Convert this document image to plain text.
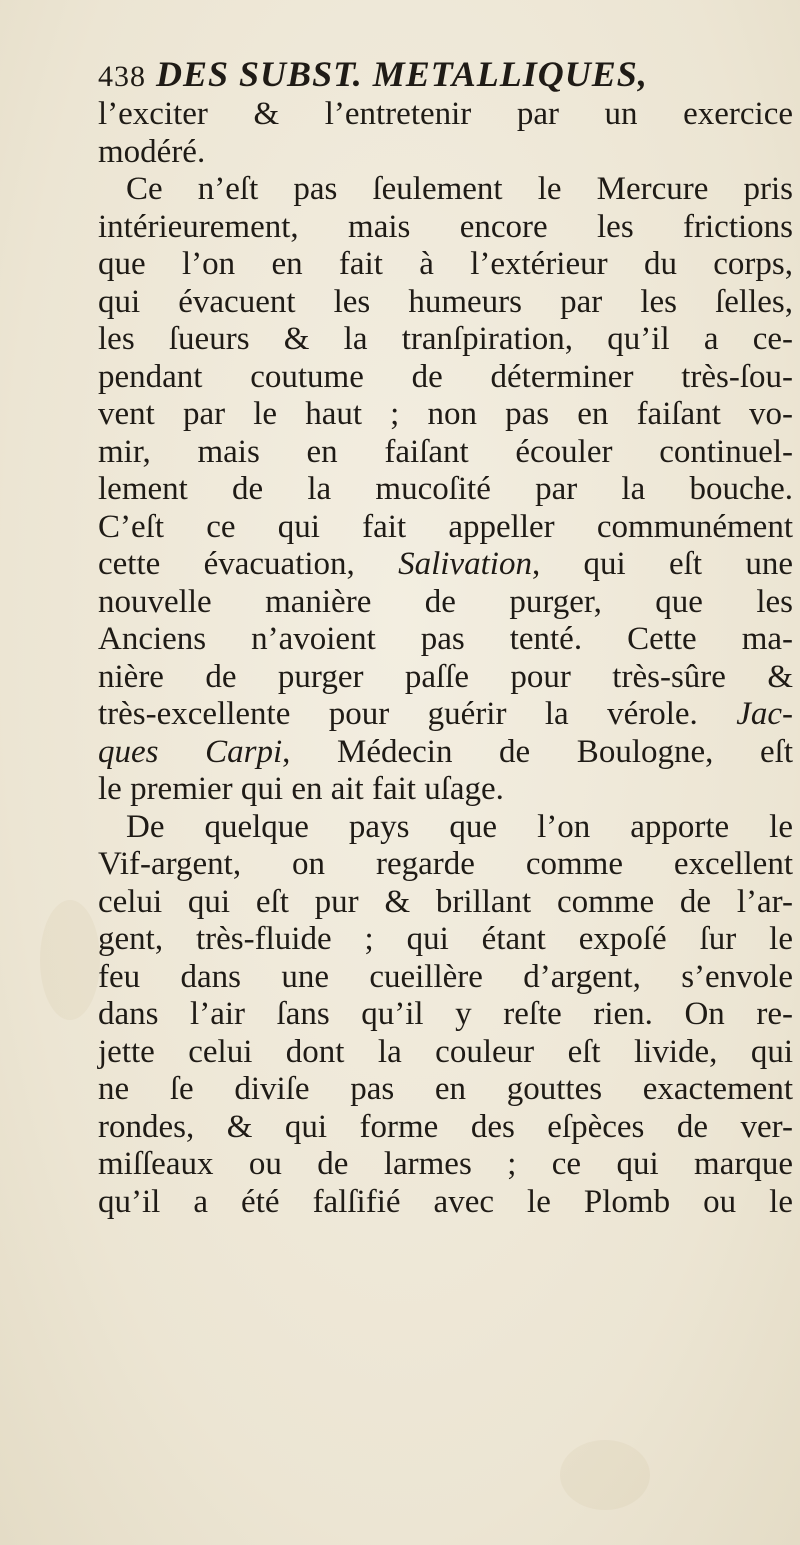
438 DES SUBST. METALLIQUES,
l’exciter & l’entretenir par un exercice
modéré.
Ce n’eſt pas ſeulement le Mercure pris
intérieurement, mais encore les frictions
que l’on en fait à l’extérieur du corps,
qui évacuent les humeurs par les ſelles,
les ſueurs & la tranſpiration, qu’il a ce-
pendant coutume de déterminer très-ſou-
vent par le haut ; non pas en faiſant vo-
mir, mais en faiſant écouler continuel-
lement de la mucoſité par la bouche.
C’eſt ce qui fait appeller communément
cette évacuation, Salivation, qui eſt une
nouvelle manière de purger, que les
Anciens n’avoient pas tenté. Cette ma-
nière de purger paſſe pour très-sûre &
très-excellente pour guérir la vérole. Jac-
ques Carpi, Médecin de Boulogne, eſt
le premier qui en ait fait uſage.
De quelque pays que l’on apporte le
Vif-argent, on regarde comme excellent
celui qui eſt pur & brillant comme de l’ar-
gent, très-fluide ; qui étant expoſé ſur le
feu dans une cueillère d’argent, s’envole
dans l’air ſans qu’il y reſte rien. On re-
jette celui dont la couleur eſt livide, qui
ne ſe diviſe pas en gouttes exactement
rondes, & qui forme des eſpèces de ver-
miſſeaux ou de larmes ; ce qui marque
qu’il a été falſifié avec le Plomb ou le
